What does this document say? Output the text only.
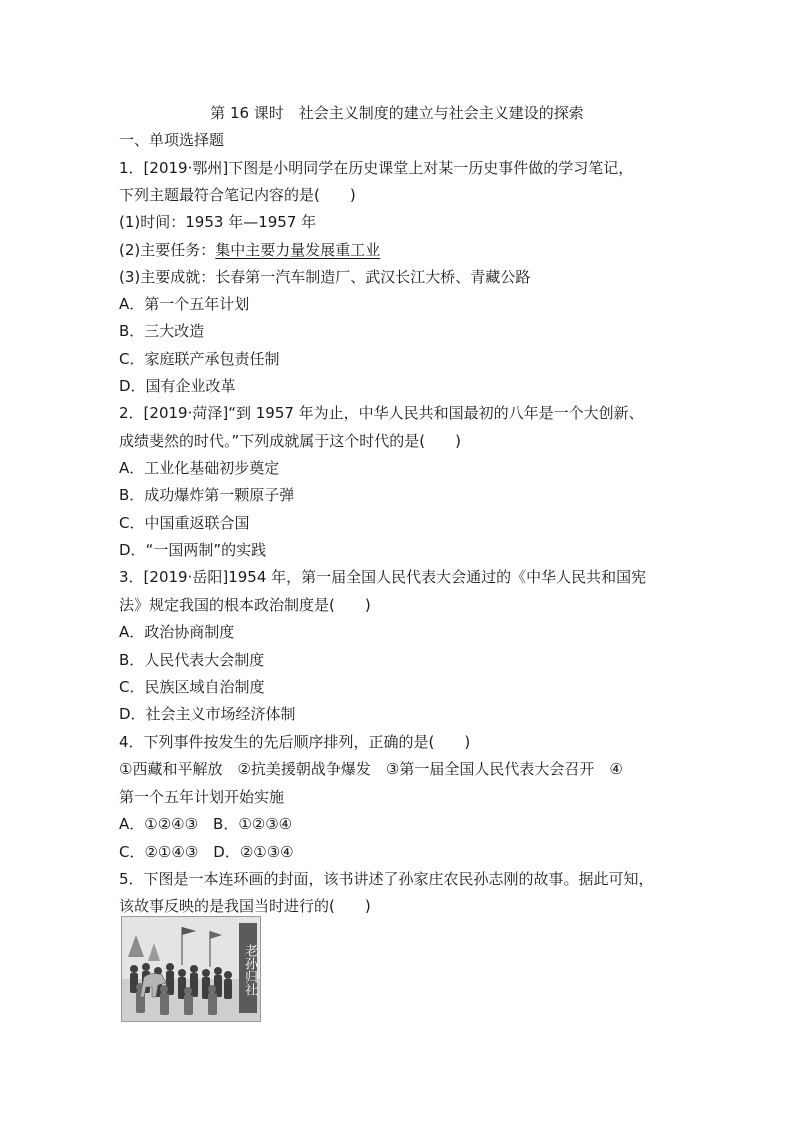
第 16 课时　社会主义制度的建立与社会主义建设的探索
一、单项选择题
1．[2019·鄂州]下图是小明同学在历史课堂上对某一历史事件做的学习笔记，
下列主题最符合笔记内容的是(　　)
(1)时间：1953 年—1957 年
(2)主要任务：集中主要力量发展重工业
(3)主要成就：长春第一汽车制造厂、武汉长江大桥、青藏公路
A．第一个五年计划
B．三大改造
C．家庭联产承包责任制
D．国有企业改革
2．[2019·菏泽]“到 1957 年为止，中华人民共和国最初的八年是一个大创新、
成绩斐然的时代。”下列成就属于这个时代的是(　　)
A．工业化基础初步奠定
B．成功爆炸第一颗原子弹
C．中国重返联合国
D．“一国两制”的实践
3．[2019·岳阳]1954 年，第一届全国人民代表大会通过的《中华人民共和国宪
法》规定我国的根本政治制度是(　　)
A．政治协商制度
B．人民代表大会制度
C．民族区域自治制度
D．社会主义市场经济体制
4．下列事件按发生的先后顺序排列，正确的是(　　)
①西藏和平解放　②抗美援朝战争爆发　③第一届全国人民代表大会召开　④
第一个五年计划开始实施
A．①②④③　B．①②③④
C．②①④③　D．②①③④
5．下图是一本连环画的封面，该书讲述了孙家庄农民孙志刚的故事。据此可知，
该故事反映的是我国当时进行的(　　)
老孙归社
